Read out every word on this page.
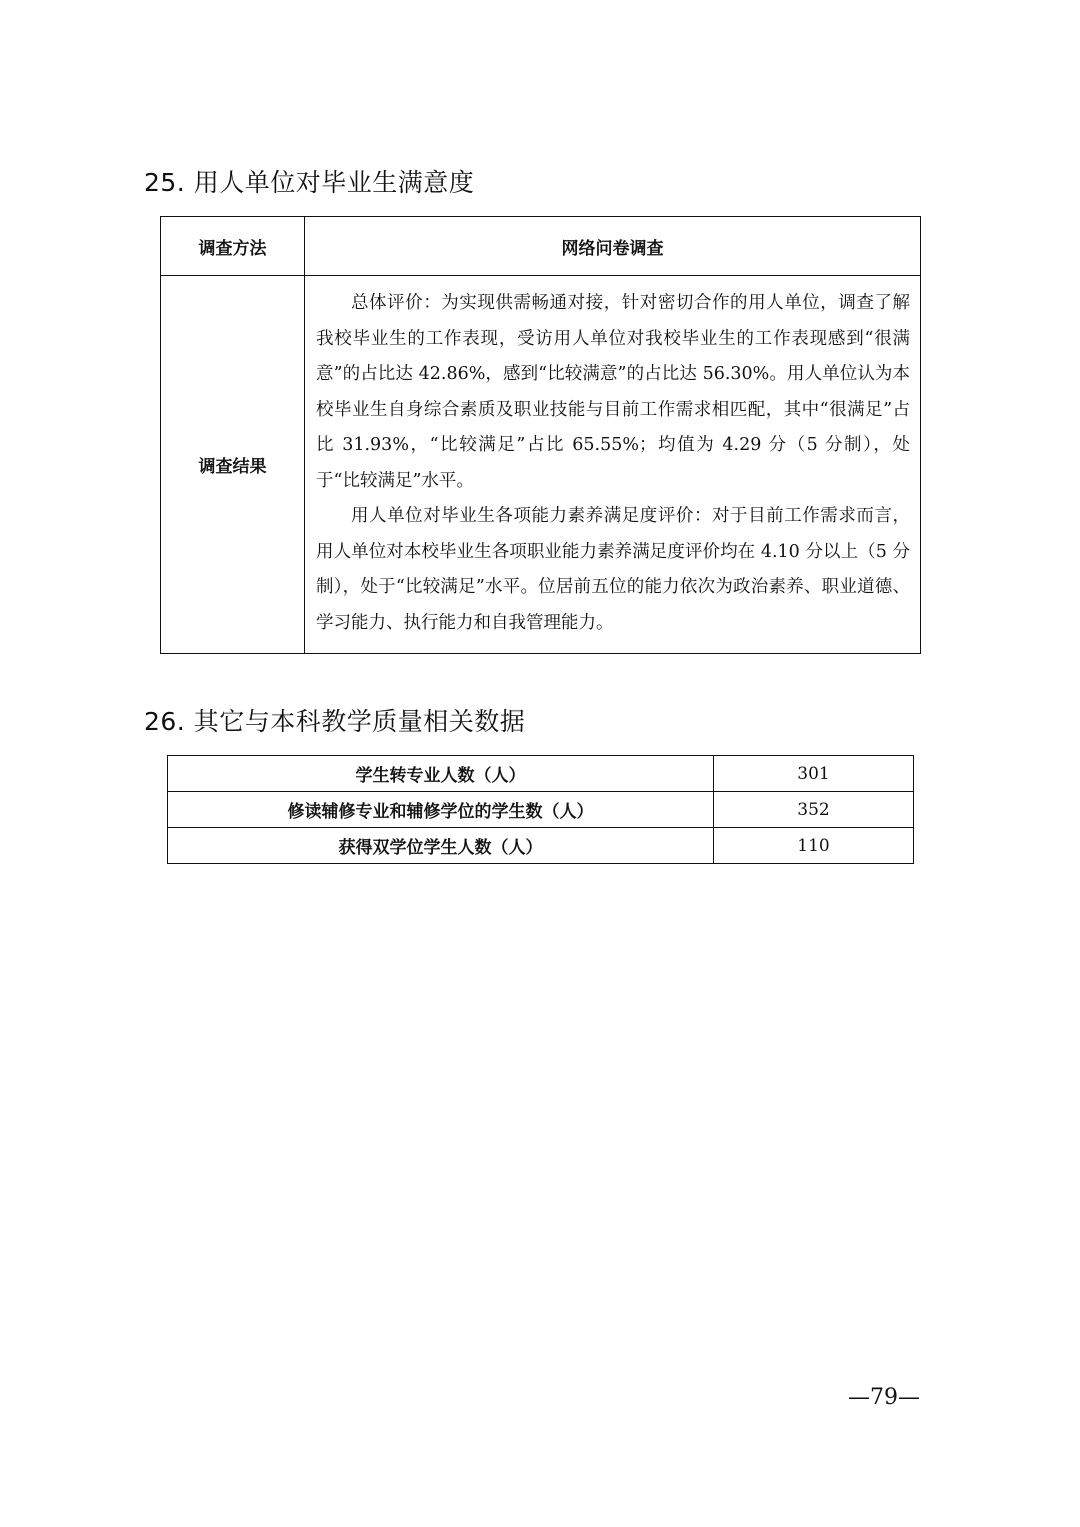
25. 用人单位对毕业生满意度
调查方法	网络问卷调查
调查结果	总体评价：为实现供需畅通对接，针对密切合作的用人单位，调查了解我校毕业生的工作表现，受访用人单位对我校毕业生的工作表现感到“很满意”的占比达 42.86%，感到“比较满意”的占比达 56.30%。用人单位认为本校毕业生自身综合素质及职业技能与目前工作需求相匹配，其中“很满足”占比 31.93%，“比较满足”占比 65.55%；均值为 4.29 分（5 分制），处于“比较满足”水平。

用人单位对毕业生各项能力素养满足度评价：对于目前工作需求而言，用人单位对本校毕业生各项职业能力素养满足度评价均在 4.10 分以上（5 分制），处于“比较满足”水平。位居前五位的能力依次为政治素养、职业道德、学习能力、执行能力和自我管理能力。

26. 其它与本科教学质量相关数据
学生转专业人数（人）	301
修读辅修专业和辅修学位的学生数（人）	352
获得双学位学生人数（人）	110
—79—
